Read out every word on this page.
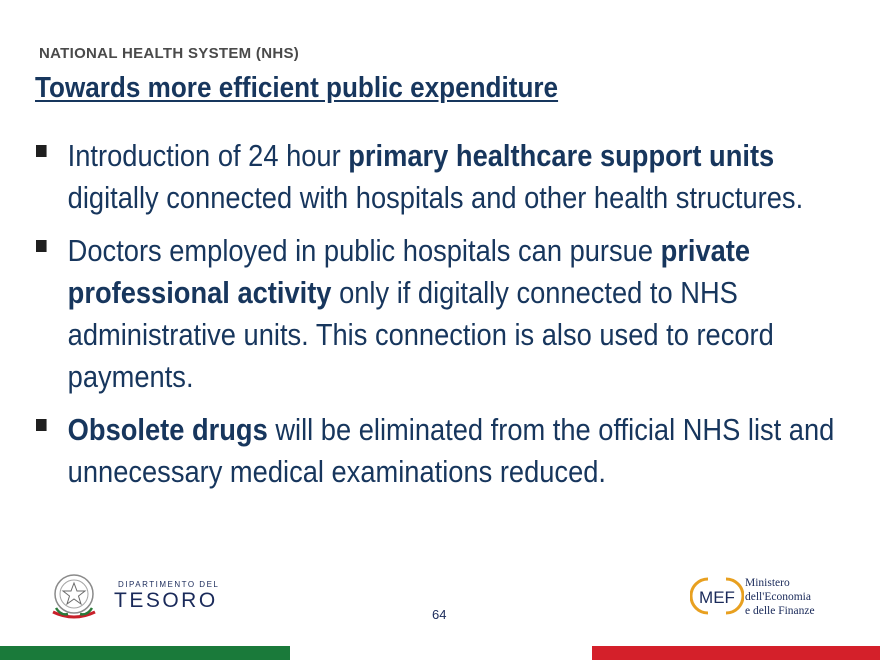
NATIONAL HEALTH SYSTEM (NHS)
Towards more efficient public expenditure
Introduction of 24 hour primary healthcare support units digitally connected with hospitals and other health structures.
Doctors employed in public hospitals can pursue private professional activity only if digitally connected to NHS administrative units. This connection is also used to record payments.
Obsolete drugs will be eliminated from the official NHS list and unnecessary medical examinations reduced.
DIPARTIMENTO DEL
TESORO
64
MEF
Ministero
dell'Economia
e delle Finanze
